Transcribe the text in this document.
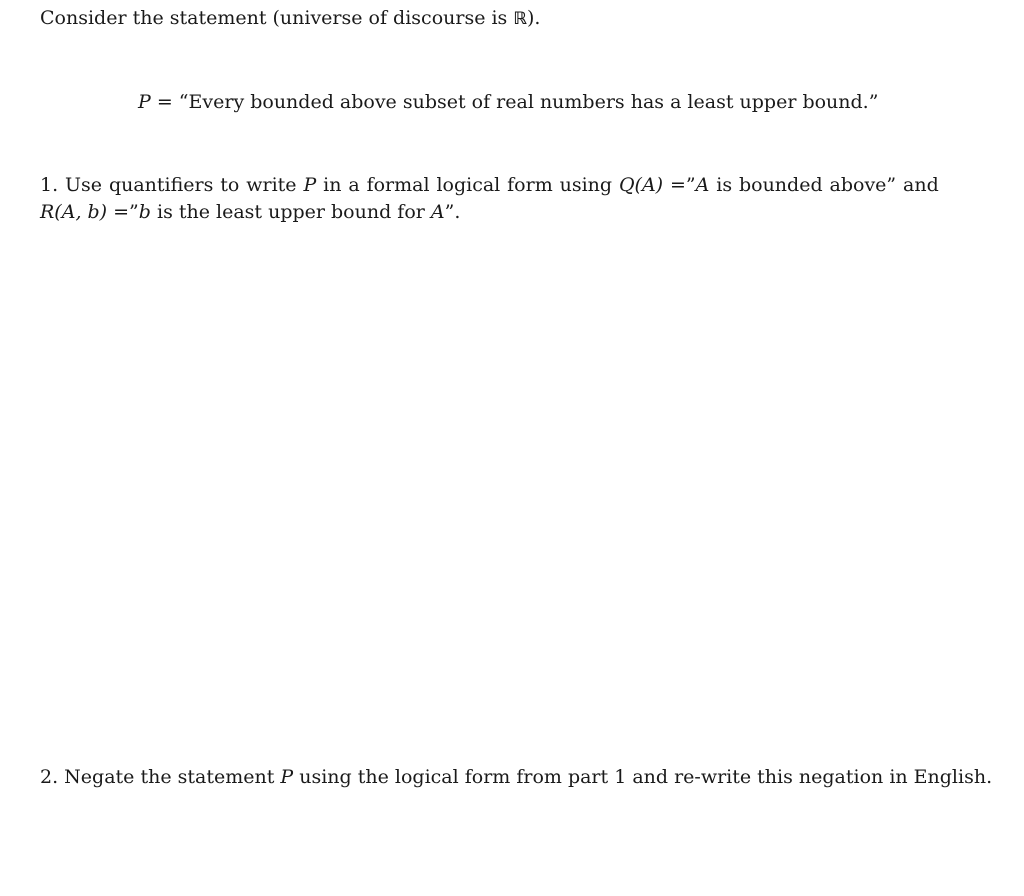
Consider the statement (universe of discourse is ℝ).
P = “Every bounded above subset of real numbers has a least upper bound.”
1. Use quantifiers to write P in a formal logical form using Q(A) =”A is bounded above” and
R(A, b) =”b is the least upper bound for A”.
2. Negate the statement P using the logical form from part 1 and re-write this negation in English.
